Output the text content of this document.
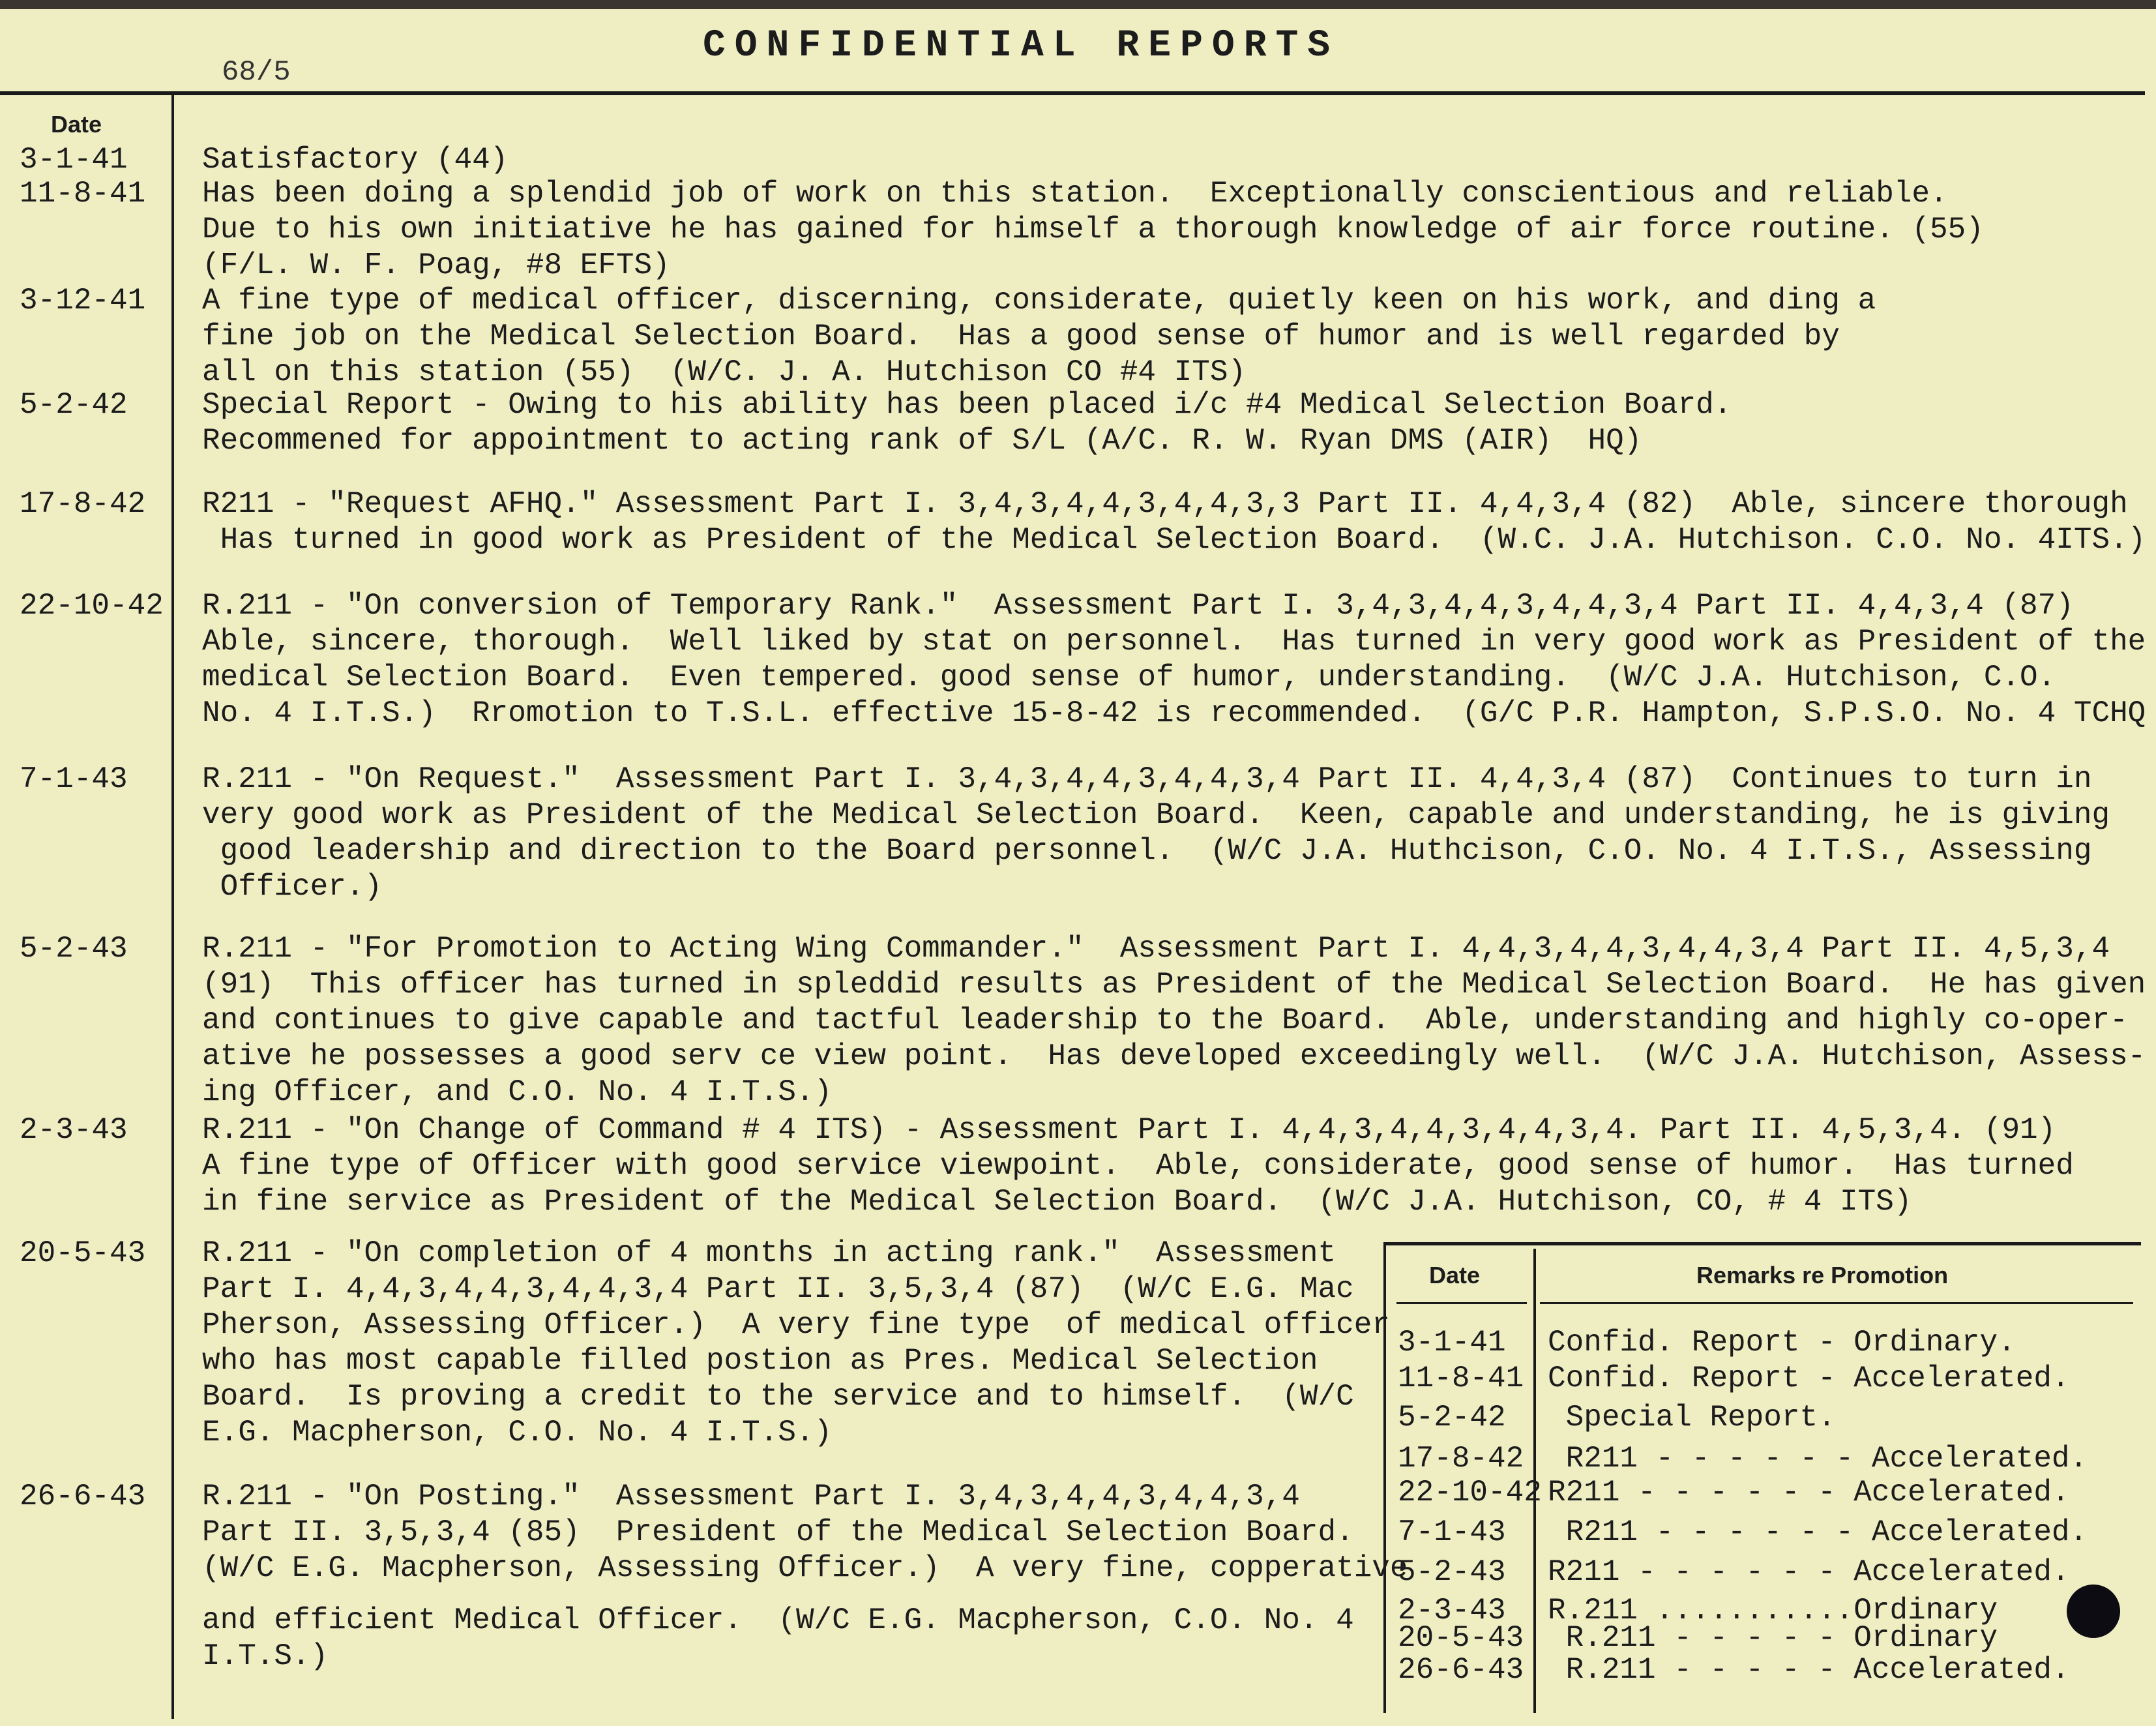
CONFIDENTIAL REPORTS
68/5
Date
3-1-41 Satisfactory (44)
11-8-41 Has been doing a splendid job of work on this station.  Exceptionally conscientious and reliable.
Due to his own initiative he has gained for himself a thorough knowledge of air force routine. (55)
(F/L. W. F. Poag, #8 EFTS)
3-12-41 A fine type of medical officer, discerning, considerate, quietly keen on his work, and ding a
fine job on the Medical Selection Board.  Has a good sense of humor and is well regarded by
all on this station (55)  (W/C. J. A. Hutchison CO #4 ITS)
5-2-42 Special Report - Owing to his ability has been placed i/c #4 Medical Selection Board.
Recommened for appointment to acting rank of S/L (A/C. R. W. Ryan DMS (AIR)  HQ)
17-8-42 R211 - "Request AFHQ." Assessment Part I. 3,4,3,4,4,3,4,4,3,3 Part II. 4,4,3,4 (82)  Able, sincere thorough
Has turned in good work as President of the Medical Selection Board.  (W.C. J.A. Hutchison. C.O. No. 4ITS.)
22-10-42 R.211 - "On conversion of Temporary Rank."  Assessment Part I. 3,4,3,4,4,3,4,4,3,4 Part II. 4,4,3,4 (87)
Able, sincere, thorough.  Well liked by stat on personnel.  Has turned in very good work as President of the
medical Selection Board.  Even tempered. good sense of humor, understanding.  (W/C J.A. Hutchison, C.O.
No. 4 I.T.S.)  Rromotion to T.S.L. effective 15-8-42 is recommended.  (G/C P.R. Hampton, S.P.S.O. No. 4 TCHQ
7-1-43 R.211 - "On Request."  Assessment Part I. 3,4,3,4,4,3,4,4,3,4 Part II. 4,4,3,4 (87)  Continues to turn in
very good work as President of the Medical Selection Board.  Keen, capable and understanding, he is giving
good leadership and direction to the Board personnel.  (W/C J.A. Huthcison, C.O. No. 4 I.T.S., Assessing
Officer.)
5-2-43 R.211 - "For Promotion to Acting Wing Commander."  Assessment Part I. 4,4,3,4,4,3,4,4,3,4 Part II. 4,5,3,4
(91)  This officer has turned in spleddid results as President of the Medical Selection Board.  He has given
and continues to give capable and tactful leadership to the Board.  Able, understanding and highly co-oper-
ative he possesses a good serv ce view point.  Has developed exceedingly well.  (W/C J.A. Hutchison, Assess-
ing Officer, and C.O. No. 4 I.T.S.)
2-3-43 R.211 - "On Change of Command # 4 ITS) - Assessment Part I. 4,4,3,4,4,3,4,4,3,4. Part II. 4,5,3,4. (91)
A fine type of Officer with good service viewpoint.  Able, considerate, good sense of humor.  Has turned
in fine service as President of the Medical Selection Board.  (W/C J.A. Hutchison, CO, # 4 ITS)
20-5-43 R.211 - "On completion of 4 months in acting rank."  Assessment
Part I. 4,4,3,4,4,3,4,4,3,4 Part II. 3,5,3,4 (87)  (W/C E.G. Mac
Pherson, Assessing Officer.)  A very fine type  of medical officer
who has most capable filled postion as Pres. Medical Selection
Board.  Is proving a credit to the service and to himself.  (W/C
E.G. Macpherson, C.O. No. 4 I.T.S.)
26-6-43 R.211 - "On Posting."  Assessment Part I. 3,4,3,4,4,3,4,4,3,4
Part II. 3,5,3,4 (85)  President of the Medical Selection Board.
(W/C E.G. Macpherson, Assessing Officer.)  A very fine, copperative
and efficient Medical Officer.  (W/C E.G. Macpherson, C.O. No. 4
I.T.S.)
Date	Remarks re Promotion
3-1-41 Confid. Report - Ordinary.
11-8-41 Confid. Report - Accelerated.
5-2-42 Special Report.
17-8-42 R211 - - - - - - Accelerated.
22-10-42 R211 - - - - - - Accelerated.
7-1-43 R211 - - - - - - Accelerated.
5-2-43 R211 - - - - - - Accelerated.
2-3-43 R.211 ...........Ordinary
20-5-43 R.211 - - - - - Ordinary
26-6-43 R.211 - - - - - Accelerated.
